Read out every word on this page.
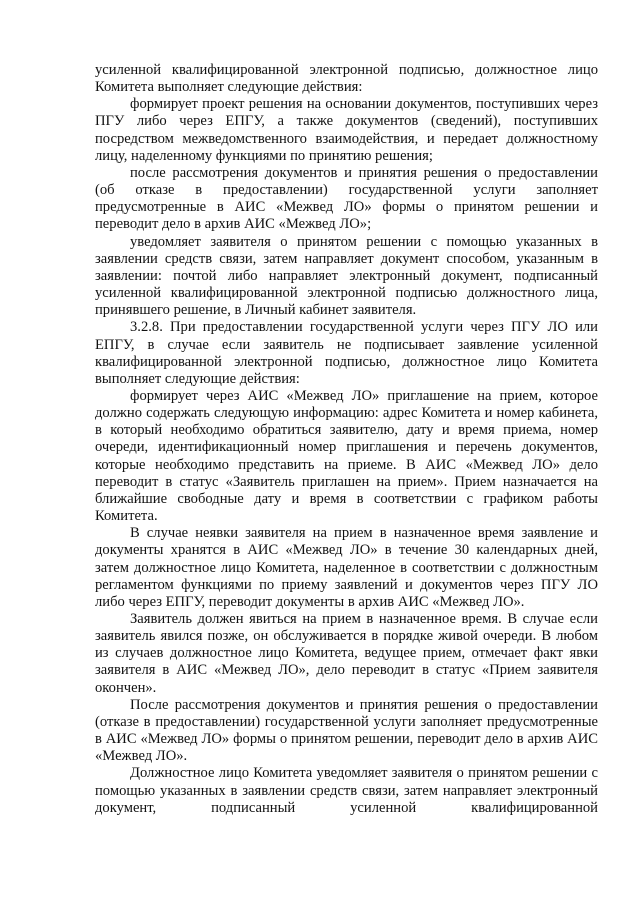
усиленной квалифицированной электронной подписью, должностное лицо Комитета выполняет следующие действия:

формирует проект решения на основании документов, поступивших через ПГУ либо через ЕПГУ, а также документов (сведений), поступивших посредством межведомственного взаимодействия, и передает должностному лицу, наделенному функциями по принятию решения;

после рассмотрения документов и принятия решения о предоставлении (об отказе в предоставлении) государственной услуги заполняет предусмотренные в АИС «Межвед ЛО» формы о принятом решении и переводит дело в архив АИС «Межвед ЛО»;

уведомляет заявителя о принятом решении с помощью указанных в заявлении средств связи, затем направляет документ способом, указанным в заявлении: почтой либо направляет электронный документ, подписанный усиленной квалифицированной электронной подписью должностного лица, принявшего решение, в Личный кабинет заявителя.

3.2.8. При предоставлении государственной услуги через ПГУ ЛО или ЕПГУ, в случае если заявитель не подписывает заявление усиленной квалифицированной электронной подписью, должностное лицо Комитета выполняет следующие действия:

формирует через АИС «Межвед ЛО» приглашение на прием, которое должно содержать следующую информацию: адрес Комитета и номер кабинета, в который необходимо обратиться заявителю, дату и время приема, номер очереди, идентификационный номер приглашения и перечень документов, которые необходимо представить на приеме. В АИС «Межвед ЛО» дело переводит в статус «Заявитель приглашен на прием». Прием назначается на ближайшие свободные дату и время в соответствии с графиком работы Комитета.

В случае неявки заявителя на прием в назначенное время заявление и документы хранятся в АИС «Межвед ЛО» в течение 30 календарных дней, затем должностное лицо Комитета, наделенное в соответствии с должностным регламентом функциями по приему заявлений и документов через ПГУ ЛО либо через ЕПГУ, переводит документы в архив АИС «Межвед ЛО».

Заявитель должен явиться на прием в назначенное время. В случае если заявитель явился позже, он обслуживается в порядке живой очереди. В любом из случаев должностное лицо Комитета, ведущее прием, отмечает факт явки заявителя в АИС «Межвед ЛО», дело переводит в статус «Прием заявителя окончен».

После рассмотрения документов и принятия решения о предоставлении (отказе в предоставлении) государственной услуги заполняет предусмотренные в АИС «Межвед ЛО» формы о принятом решении, переводит дело в архив АИС «Межвед ЛО».

Должностное лицо Комитета уведомляет заявителя о принятом решении с помощью указанных в заявлении средств связи, затем направляет электронный документ, подписанный усиленной квалифицированной
